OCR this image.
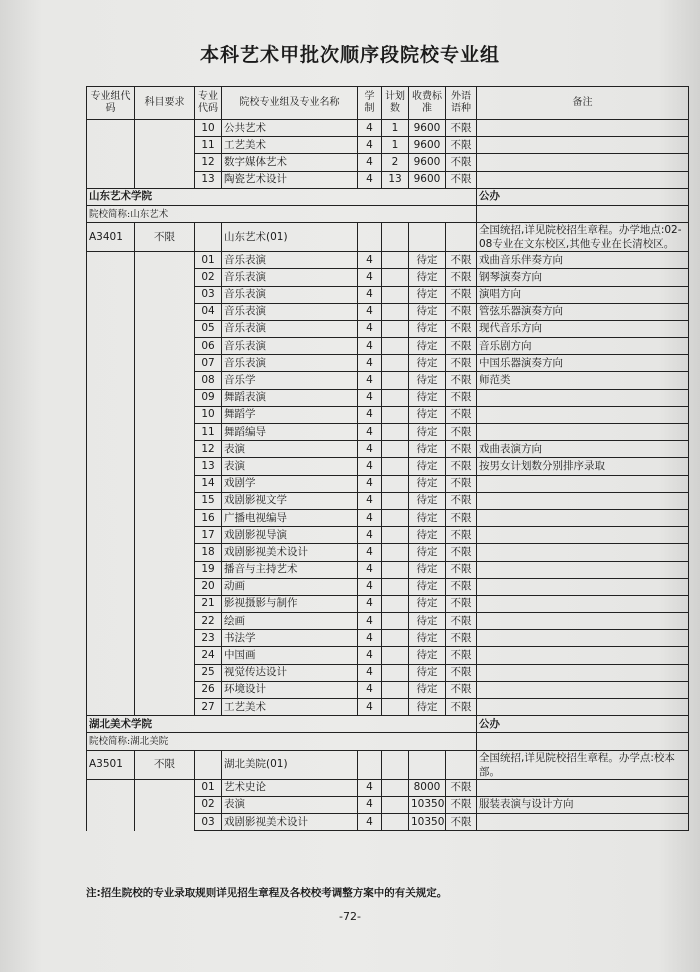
本科艺术甲批次顺序段院校专业组
专业组代码	科目要求	专业代码	院校专业组及专业名称	学制	计划数	收费标准	外语语种	备注
		10	公共艺术	4	1	9600	不限	
		11	工艺美术	4	1	9600	不限	
		12	数字媒体艺术	4	2	9600	不限	
		13	陶瓷艺术设计	4	13	9600	不限	
山东艺术学院								公办
院校简称:山东艺术								
A3401	不限		山东艺术(01)					全国统招,详见院校招生章程。办学地点:02-08专业在文东校区,其他专业在长清校区。
		01	音乐表演	4		待定	不限	戏曲音乐伴奏方向
		02	音乐表演	4		待定	不限	钢琴演奏方向
		03	音乐表演	4		待定	不限	演唱方向
		04	音乐表演	4		待定	不限	管弦乐器演奏方向
		05	音乐表演	4		待定	不限	现代音乐方向
		06	音乐表演	4		待定	不限	音乐剧方向
		07	音乐表演	4		待定	不限	中国乐器演奏方向
		08	音乐学	4		待定	不限	师范类
		09	舞蹈表演	4		待定	不限	
		10	舞蹈学	4		待定	不限	
		11	舞蹈编导	4		待定	不限	
		12	表演	4		待定	不限	戏曲表演方向
		13	表演	4		待定	不限	按男女计划数分别排序录取
		14	戏剧学	4		待定	不限	
		15	戏剧影视文学	4		待定	不限	
		16	广播电视编导	4		待定	不限	
		17	戏剧影视导演	4		待定	不限	
		18	戏剧影视美术设计	4		待定	不限	
		19	播音与主持艺术	4		待定	不限	
		20	动画	4		待定	不限	
		21	影视摄影与制作	4		待定	不限	
		22	绘画	4		待定	不限	
		23	书法学	4		待定	不限	
		24	中国画	4		待定	不限	
		25	视觉传达设计	4		待定	不限	
		26	环境设计	4		待定	不限	
		27	工艺美术	4		待定	不限	
湖北美术学院								公办
院校简称:湖北美院								
A3501	不限		湖北美院(01)					全国统招,详见院校招生章程。办学点:校本部。
		01	艺术史论	4		8000	不限	
		02	表演	4		10350	不限	服装表演与设计方向
		03	戏剧影视美术设计	4		10350	不限	
注:招生院校的专业录取规则详见招生章程及各校校考调整方案中的有关规定。
-72-
